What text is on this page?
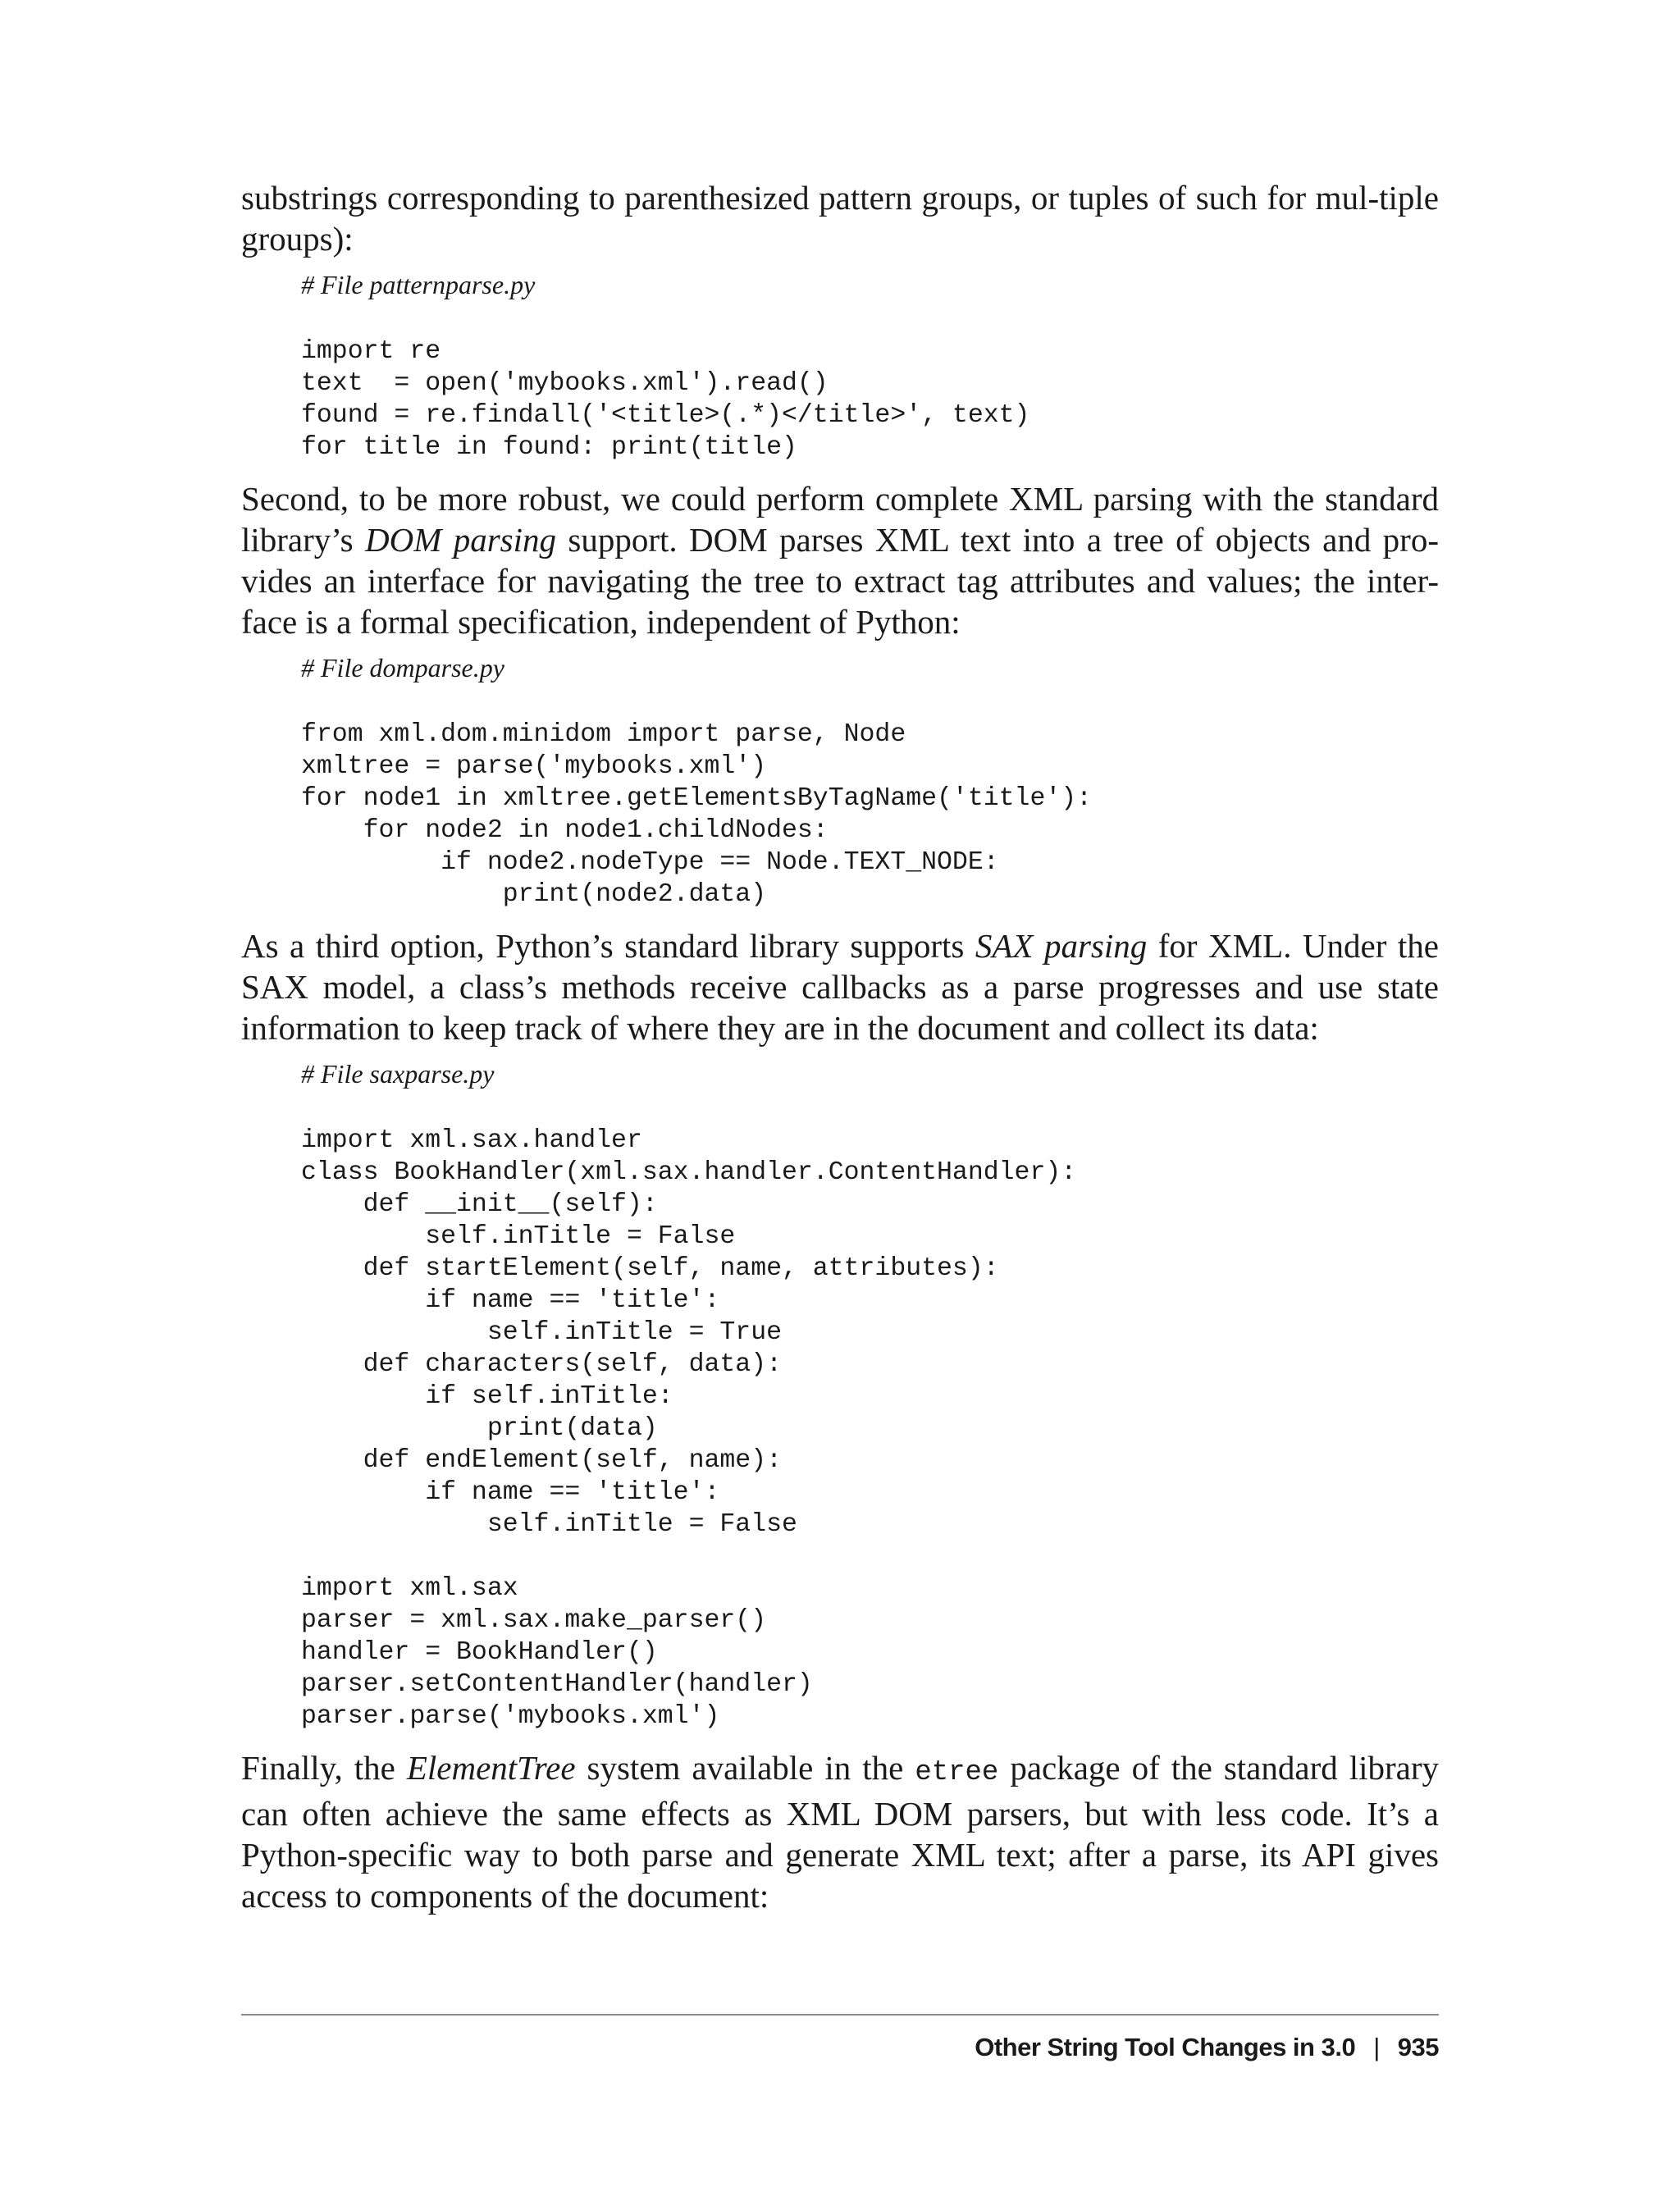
substrings corresponding to parenthesized pattern groups, or tuples of such for mul-tiple groups):

# File patternparse.py

import re
text  = open('mybooks.xml').read()
found = re.findall('<title>(.*)</title>', text)
for title in found: print(title)

Second, to be more robust, we could perform complete XML parsing with the standard library’s DOM parsing support. DOM parses XML text into a tree of objects and pro-vides an interface for navigating the tree to extract tag attributes and values; the inter-face is a formal specification, independent of Python:

# File domparse.py

from xml.dom.minidom import parse, Node
xmltree = parse('mybooks.xml')
for node1 in xmltree.getElementsByTagName('title'):
for node2 in node1.childNodes:
if node2.nodeType == Node.TEXT_NODE:
print(node2.data)

As a third option, Python’s standard library supports SAX parsing for XML. Under the SAX model, a class’s methods receive callbacks as a parse progresses and use state information to keep track of where they are in the document and collect its data:

# File saxparse.py

import xml.sax.handler
class BookHandler(xml.sax.handler.ContentHandler):
def __init__(self):
self.inTitle = False
def startElement(self, name, attributes):
if name == 'title':
self.inTitle = True
def characters(self, data):
if self.inTitle:
print(data)
def endElement(self, name):
if name == 'title':
self.inTitle = False

import xml.sax
parser = xml.sax.make_parser()
handler = BookHandler()
parser.setContentHandler(handler)
parser.parse('mybooks.xml')

Finally, the ElementTree system available in the etree package of the standard library can often achieve the same effects as XML DOM parsers, but with less code. It’s a Python-specific way to both parse and generate XML text; after a parse, its API gives access to components of the document:

Other String Tool Changes in 3.0 | 935
